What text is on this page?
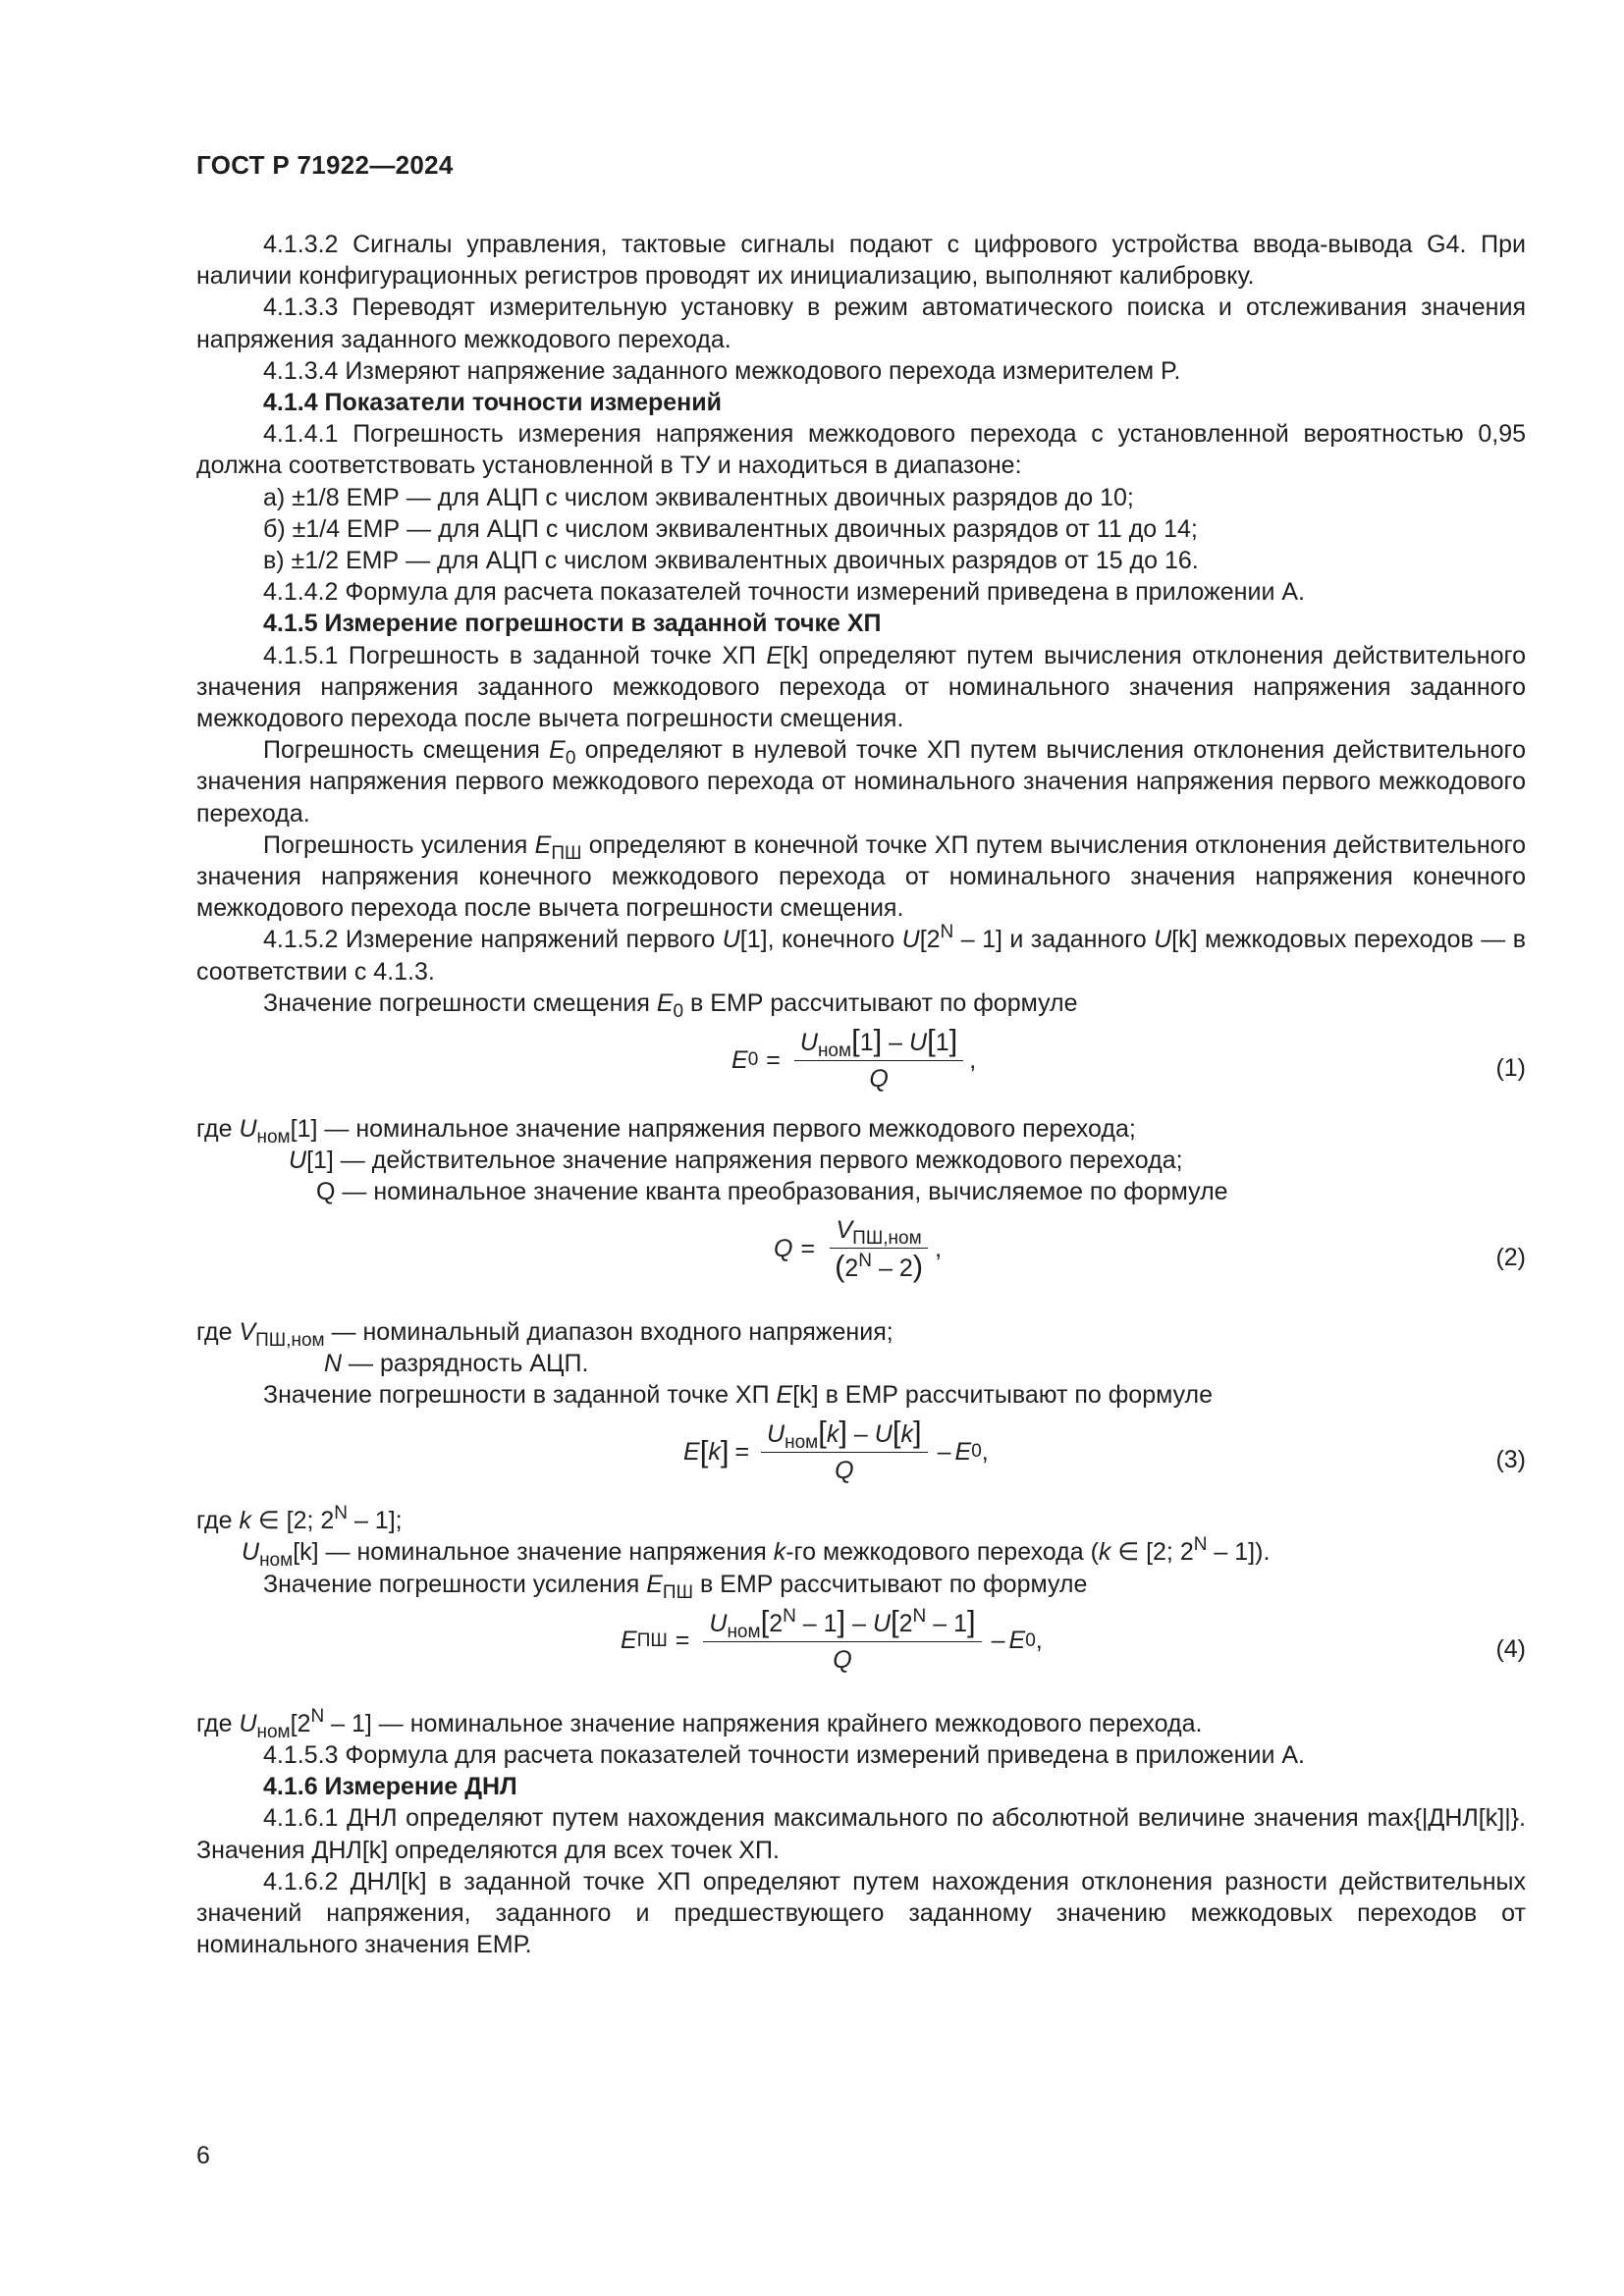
ГОСТ Р 71922—2024

4.1.3.2 Сигналы управления, тактовые сигналы подают с цифрового устройства ввода-вывода G4. При наличии конфигурационных регистров проводят их инициализацию, выполняют калибровку.

4.1.3.3 Переводят измерительную установку в режим автоматического поиска и отслеживания значения напряжения заданного межкодового перехода.

4.1.3.4 Измеряют напряжение заданного межкодового перехода измерителем P.

4.1.4 Показатели точности измерений

4.1.4.1 Погрешность измерения напряжения межкодового перехода с установленной вероятностью 0,95 должна соответствовать установленной в ТУ и находиться в диапазоне:

а) ±1/8 ЕМР — для АЦП с числом эквивалентных двоичных разрядов до 10;

б) ±1/4 ЕМР — для АЦП с числом эквивалентных двоичных разрядов от 11 до 14;

в) ±1/2 ЕМР — для АЦП с числом эквивалентных двоичных разрядов от 15 до 16.

4.1.4.2 Формула для расчета показателей точности измерений приведена в приложении А.

4.1.5 Измерение погрешности в заданной точке ХП

4.1.5.1 Погрешность в заданной точке ХП E[k] определяют путем вычисления отклонения действительного значения напряжения заданного межкодового перехода от номинального значения напряжения заданного межкодового перехода после вычета погрешности смещения.

Погрешность смещения $E_0$ определяют в нулевой точке ХП путем вычисления отклонения действительного значения напряжения первого межкодового перехода от номинального значения напряжения первого межкодового перехода.

Погрешность усиления $E_{ПШ}$ определяют в конечной точке ХП путем вычисления отклонения действительного значения напряжения конечного межкодового перехода от номинального значения напряжения конечного межкодового перехода после вычета погрешности смещения.

4.1.5.2 Измерение напряжений первого U[1], конечного $U[2^N - 1]$ и заданного U[k] межкодовых переходов — в соответствии с 4.1.3.

Значение погрешности смещения $E_0$ в ЕМР рассчитывают по формуле

E $0 = \frac{U_{ном}[1] - U[1]}{Q}$ ,	(1)
где $U_{ном}[1]$ — номинальное значение напряжения первого межкодового перехода;
U[1] — действительное значение напряжения первого межкодового перехода;
Q — номинальное значение кванта преобразования, вычисляемое по формуле
$Q = \frac{V_{ПШ,ном}}{(2^N - 2)}$ ,	(2)
где $V_{ПШ,ном}$ — номинальный диапазон входного напряжения;
N — разрядность АЦП.

Значение погрешности в заданной точке ХП E[k] в ЕМР рассчитывают по формуле

E [ k ] = $\frac{U_{ном}[k] - U[k]}{Q}$ – E 0 ,	(3)
где k ∈ [2; $2^N - 1$];
$U_{ном}[k]$ — номинальное значение напряжения k-го межкодового перехода (k ∈ [2; $2^N - 1$]).

Значение погрешности усиления $E_{ПШ}$ в ЕМР рассчитывают по формуле

E ПШ = $\frac{U_{ном}[2^N - 1] - U[2^N - 1]}{Q}$ – E 0 ,	(4)
где $U_{ном}[2^N - 1]$ — номинальное значение напряжения крайнего межкодового перехода.

4.1.5.3 Формула для расчета показателей точности измерений приведена в приложении А.

4.1.6 Измерение ДНЛ

4.1.6.1 ДНЛ определяют путем нахождения максимального по абсолютной величине значения max{|ДНЛ[k]|}. Значения ДНЛ[k] определяются для всех точек ХП.

4.1.6.2 ДНЛ[k] в заданной точке ХП определяют путем нахождения отклонения разности действительных значений напряжения, заданного и предшествующего заданному значению межкодовых переходов от номинального значения ЕМР.

6
